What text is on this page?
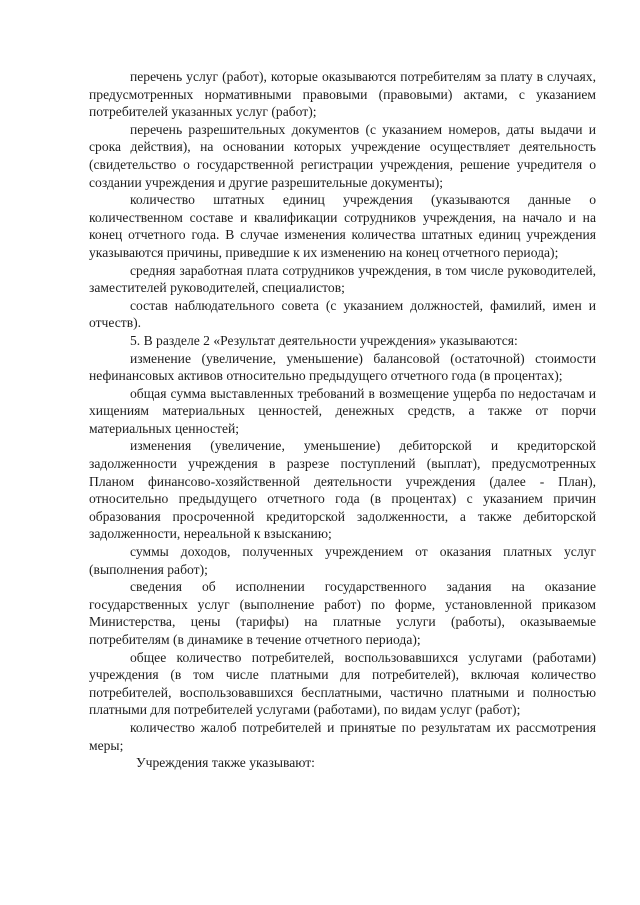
перечень услуг (работ), которые оказываются потребителям за плату в случаях, предусмотренных нормативными правовыми (правовыми) актами, с указанием потребителей указанных услуг (работ);

перечень разрешительных документов (с указанием номеров, даты выдачи и срока действия), на основании которых учреждение осуществляет деятельность (свидетельство о государственной регистрации учреждения, решение учредителя о создании учреждения и другие разрешительные документы);

количество штатных единиц учреждения (указываются данные о количественном составе и квалификации сотрудников учреждения, на начало и на конец отчетного года. В случае изменения количества штатных единиц учреждения указываются причины, приведшие к их изменению на конец отчетного периода);

средняя заработная плата сотрудников учреждения, в том числе руководителей, заместителей руководителей, специалистов;

состав наблюдательного совета (с указанием должностей, фамилий, имен и отчеств).

5. В разделе 2 «Результат деятельности учреждения» указываются:

изменение (увеличение, уменьшение) балансовой (остаточной) стоимости нефинансовых активов относительно предыдущего отчетного года (в процентах);

общая сумма выставленных требований в возмещение ущерба по недостачам и хищениям материальных ценностей, денежных средств, а также от порчи материальных ценностей;

изменения (увеличение, уменьшение) дебиторской и кредиторской задолженности учреждения в разрезе поступлений (выплат), предусмотренных Планом финансово-хозяйственной деятельности учреждения (далее - План), относительно предыдущего отчетного года (в процентах) с указанием причин образования просроченной кредиторской задолженности, а также дебиторской задолженности, нереальной к взысканию;

суммы доходов, полученных учреждением от оказания платных услуг (выполнения работ);

сведения об исполнении государственного задания на оказание государственных услуг (выполнение работ) по форме, установленной приказом Министерства, цены (тарифы) на платные услуги (работы), оказываемые потребителям (в динамике в течение отчетного периода);

общее количество потребителей, воспользовавшихся услугами (работами) учреждения (в том числе платными для потребителей), включая количество потребителей, воспользовавшихся бесплатными, частично платными и полностью платными для потребителей услугами (работами), по видам услуг (работ);

количество жалоб потребителей и принятые по результатам их рассмотрения меры;

Учреждения также указывают:
